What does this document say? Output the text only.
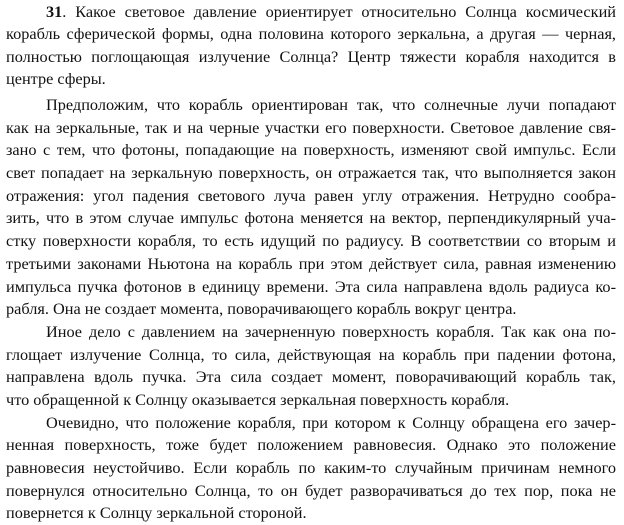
31. Какое световое давление ориентирует относительно Солнца космический
корабль сферической формы, одна половина которого зеркальна, а другая — черная,
полностью поглощающая излучение Солнца? Центр тяжести корабля находится в
центре сферы.
Предположим, что корабль ориентирован так, что солнечные лучи попадают
как на зеркальные, так и на черные участки его поверхности. Световое давление свя-
зано с тем, что фотоны, попадающие на поверхность, изменяют свой импульс. Если
свет попадает на зеркальную поверхность, он отражается так, что выполняется закон
отражения: угол падения светового луча равен углу отражения. Нетрудно сообра-
зить, что в этом случае импульс фотона меняется на вектор, перпендикулярный уча-
стку поверхности корабля, то есть идущий по радиусу. В соответствии со вторым и
третьими законами Ньютона на корабль при этом действует сила, равная изменению
импульса пучка фотонов в единицу времени. Эта сила направлена вдоль радиуса ко-
рабля. Она не создает момента, поворачивающего корабль вокруг центра.
Иное дело с давлением на зачерненную поверхность корабля. Так как она по-
глощает излучение Солнца, то сила, действующая на корабль при падении фотона,
направлена вдоль пучка. Эта сила создает момент, поворачивающий корабль так,
что обращенной к Солнцу оказывается зеркальная поверхность корабля.
Очевидно, что положение корабля, при котором к Солнцу обращена его зачер-
ненная поверхность, тоже будет положением равновесия. Однако это положение
равновесия неустойчиво. Если корабль по каким-то случайным причинам немного
повернулся относительно Солнца, то он будет разворачиваться до тех пор, пока не
повернется к Солнцу зеркальной стороной.
